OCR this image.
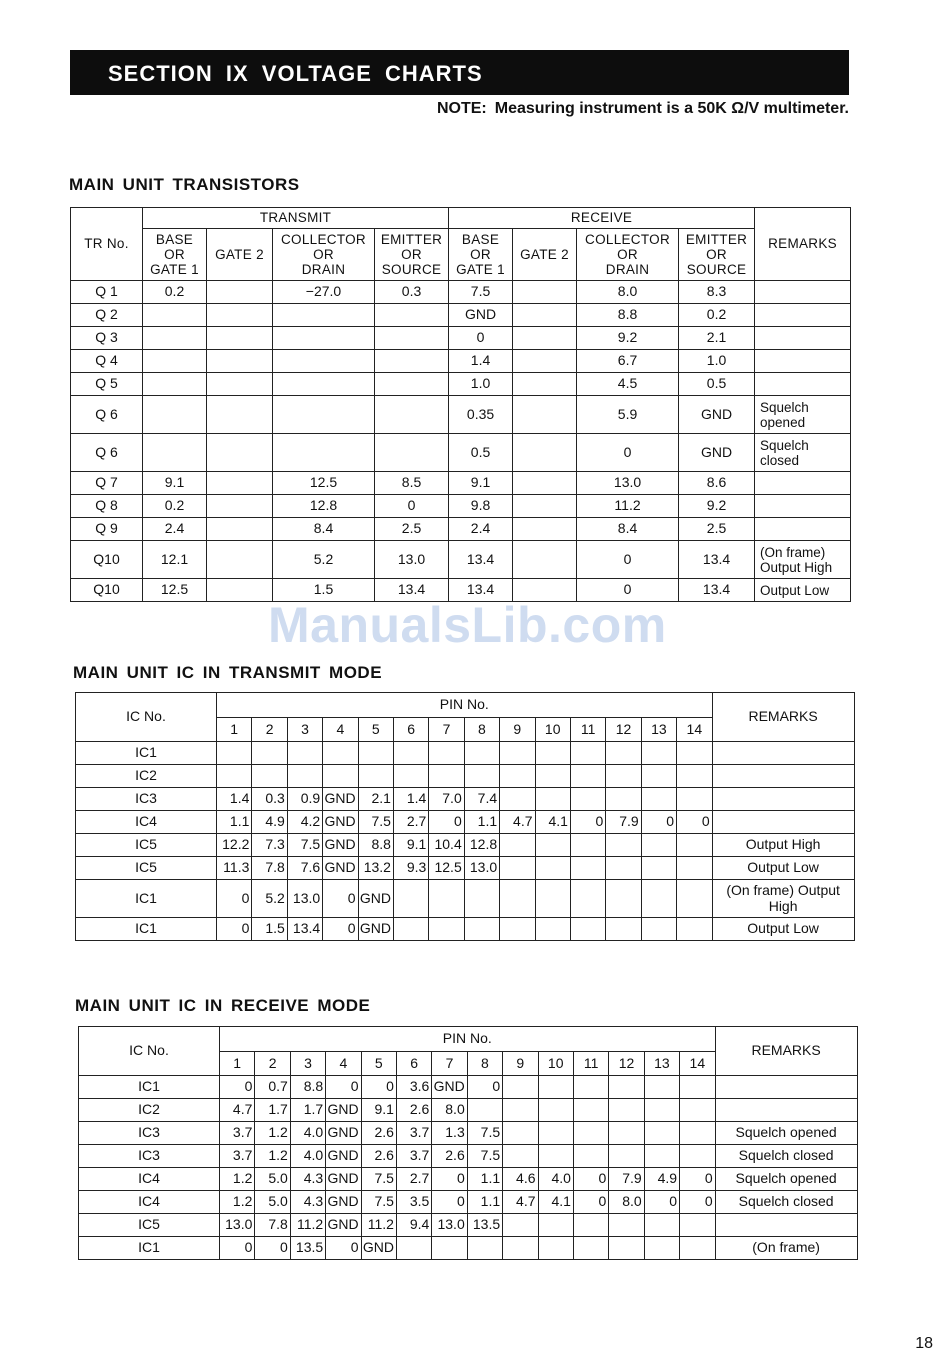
SECTION IX VOLTAGE CHARTS
NOTE: Measuring instrument is a 50K Ω/V multimeter.
MAIN UNIT TRANSISTORS
TR No.	TRANSMIT				RECEIVE				REMARKS
	BASE
OR
GATE 1	GATE 2	COLLECTOR
OR
DRAIN	EMITTER
OR
SOURCE	BASE
OR
GATE 1	GATE 2	COLLECTOR
OR
DRAIN	EMITTER
OR
SOURCE	
Q 1	0.2		−27.0	0.3	7.5		8.0	8.3	
Q 2					GND		8.8	0.2	
Q 3					0		9.2	2.1	
Q 4					1.4		6.7	1.0	
Q 5					1.0		4.5	0.5	
Q 6					0.35		5.9	GND	Squelch opened
Q 6					0.5		0	GND	Squelch closed
Q 7	9.1		12.5	8.5	9.1		13.0	8.6	
Q 8	0.2		12.8	0	9.8		11.2	9.2	
Q 9	2.4		8.4	2.5	2.4		8.4	2.5	
Q10	12.1		5.2	13.0	13.4		0	13.4	(On frame) Output High
Q10	12.5		1.5	13.4	13.4		0	13.4	Output Low
ManualsLib.com
MAIN UNIT IC IN TRANSMIT MODE
IC No.	PIN No.														REMARKS
	1	2	3	4	5	6	7	8	9	10	11	12	13	14	
IC1															
IC2															
IC3	1.4	0.3	0.9	GND	2.1	1.4	7.0	7.4							
IC4	1.1	4.9	4.2	GND	7.5	2.7	0	1.1	4.7	4.1	0	7.9	0	0	
IC5	12.2	7.3	7.5	GND	8.8	9.1	10.4	12.8							Output High
IC5	11.3	7.8	7.6	GND	13.2	9.3	12.5	13.0							Output Low
IC1	0	5.2	13.0	0	GND										(On frame) Output High
IC1	0	1.5	13.4	0	GND										Output Low
MAIN UNIT IC IN RECEIVE MODE
IC No.	PIN No.														REMARKS
	1	2	3	4	5	6	7	8	9	10	11	12	13	14	
IC1	0	0.7	8.8	0	0	3.6	GND	0							
IC2	4.7	1.7	1.7	GND	9.1	2.6	8.0								
IC3	3.7	1.2	4.0	GND	2.6	3.7	1.3	7.5							Squelch opened
IC3	3.7	1.2	4.0	GND	2.6	3.7	2.6	7.5							Squelch closed
IC4	1.2	5.0	4.3	GND	7.5	2.7	0	1.1	4.6	4.0	0	7.9	4.9	0	Squelch opened
IC4	1.2	5.0	4.3	GND	7.5	3.5	0	1.1	4.7	4.1	0	8.0	0	0	Squelch closed
IC5	13.0	7.8	11.2	GND	11.2	9.4	13.0	13.5							
IC1	0	0	13.5	0	GND										(On frame)
18
